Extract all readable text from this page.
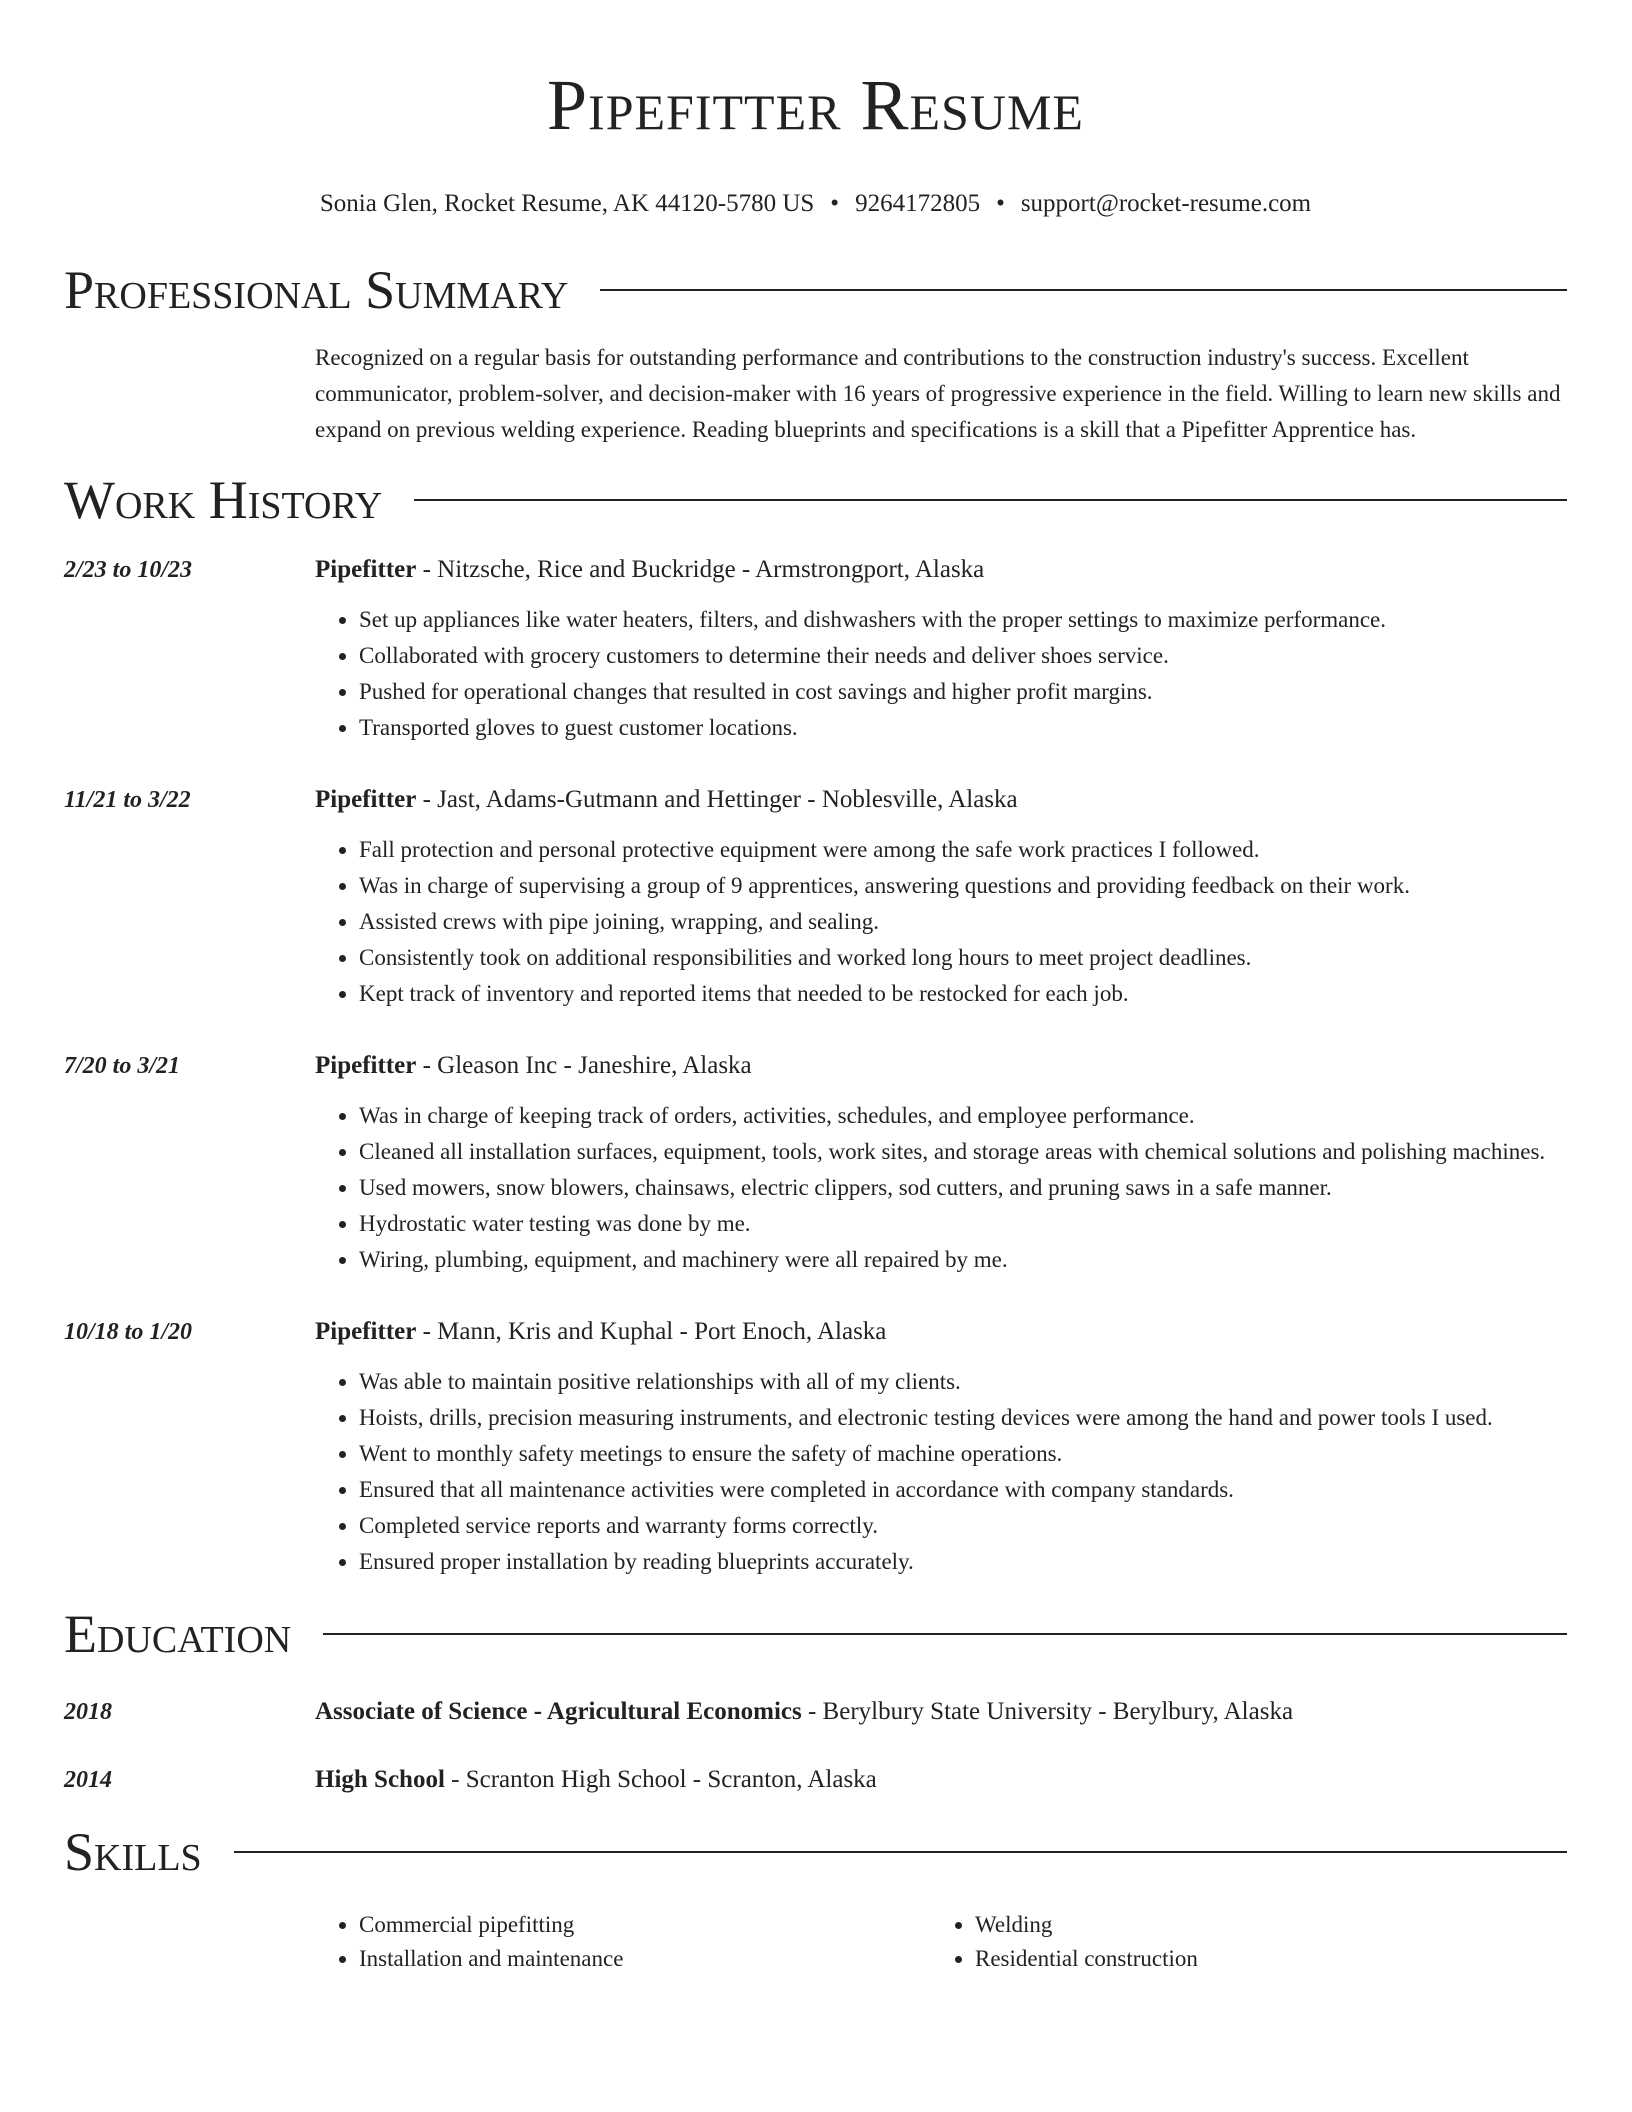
Pipefitter Resume
Sonia Glen, Rocket Resume, AK 44120-5780 US • 9264172805 • support@rocket-resume.com
Professional Summary
Recognized on a regular basis for outstanding performance and contributions to the construction industry's success. Excellent communicator, problem-solver, and decision-maker with 16 years of progressive experience in the field. Willing to learn new skills and expand on previous welding experience. Reading blueprints and specifications is a skill that a Pipefitter Apprentice has.
Work History
2/23 to 10/23	Pipefitter - Nitzsche, Rice and Buckridge - Armstrongport, Alaska
• Set up appliances like water heaters, filters, and dishwashers with the proper settings to maximize performance.
• Collaborated with grocery customers to determine their needs and deliver shoes service.
• Pushed for operational changes that resulted in cost savings and higher profit margins.
• Transported gloves to guest customer locations.
11/21 to 3/22	Pipefitter - Jast, Adams-Gutmann and Hettinger - Noblesville, Alaska
• Fall protection and personal protective equipment were among the safe work practices I followed.
• Was in charge of supervising a group of 9 apprentices, answering questions and providing feedback on their work.
• Assisted crews with pipe joining, wrapping, and sealing.
• Consistently took on additional responsibilities and worked long hours to meet project deadlines.
• Kept track of inventory and reported items that needed to be restocked for each job.
7/20 to 3/21	Pipefitter - Gleason Inc - Janeshire, Alaska
• Was in charge of keeping track of orders, activities, schedules, and employee performance.
• Cleaned all installation surfaces, equipment, tools, work sites, and storage areas with chemical solutions and polishing machines.
• Used mowers, snow blowers, chainsaws, electric clippers, sod cutters, and pruning saws in a safe manner.
• Hydrostatic water testing was done by me.
• Wiring, plumbing, equipment, and machinery were all repaired by me.
10/18 to 1/20	Pipefitter - Mann, Kris and Kuphal - Port Enoch, Alaska
• Was able to maintain positive relationships with all of my clients.
• Hoists, drills, precision measuring instruments, and electronic testing devices were among the hand and power tools I used.
• Went to monthly safety meetings to ensure the safety of machine operations.
• Ensured that all maintenance activities were completed in accordance with company standards.
• Completed service reports and warranty forms correctly.
• Ensured proper installation by reading blueprints accurately.
Education
2018	Associate of Science - Agricultural Economics - Berylbury State University - Berylbury, Alaska
2014	High School - Scranton High School - Scranton, Alaska
Skills
• Commercial pipefitting
• Installation and maintenance
• Welding
• Residential construction
